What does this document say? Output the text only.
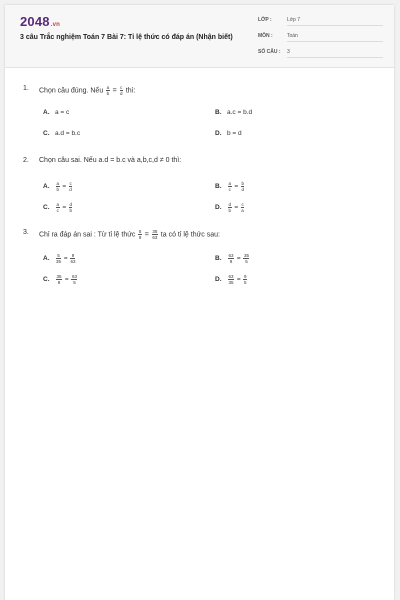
2048.vn
3 câu Trắc nghiệm Toán 7 Bài 7: Tỉ lệ thức có đáp án (Nhận biết)
LỚP :	Lớp 7
MÔN :	Toán
SỐ CÂU : 3
1. Chọn câu đúng. Nếu $\frac{a}{b} = \frac{c}{d}$ thì:
A. a = c	B. a.c = b.d
C. a.d = b.c	D. b = d
2. Chọn câu sai. Nếu a.d = b.c và a,b,c,d ≠ 0 thì:
A. $\frac{a}{b} = \frac{c}{d}$	B. $\frac{a}{c} = \frac{b}{d}$
C. $\frac{a}{c} = \frac{d}{b}$	D. $\frac{d}{b} = \frac{c}{a}$
3. Chỉ ra đáp án sai : Từ tỉ lệ thức $\frac{5}{9} = \frac{35}{63}$ ta có tỉ lệ thức sau:
A. $\frac{5}{35} = \frac{9}{63}$	B. $\frac{63}{9} = \frac{35}{5}$
C. $\frac{35}{9} = \frac{63}{5}$	D. $\frac{63}{35} = \frac{9}{5}$
